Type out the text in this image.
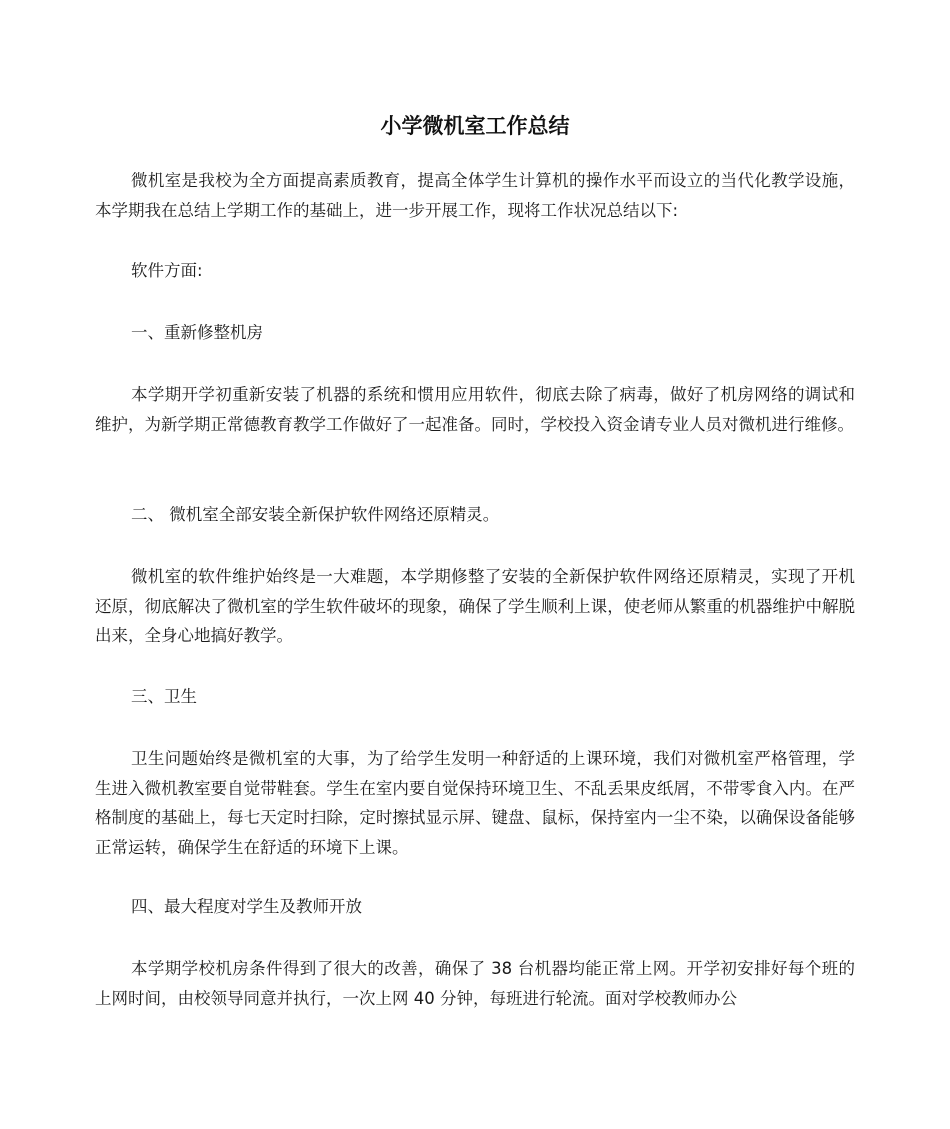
小学微机室工作总结

微机室是我校为全方面提高素质教育，提高全体学生计算机的操作水平而设立的当代化教学设施，本学期我在总结上学期工作的基础上，进一步开展工作，现将工作状况总结以下:

软件方面:

一、重新修整机房

本学期开学初重新安装了机器的系统和惯用应用软件，彻底去除了病毒，做好了机房网络的调试和维护，为新学期正常德教育教学工作做好了一起准备。同时，学校投入资金请专业人员对微机进行维修。

二、 微机室全部安装全新保护软件网络还原精灵。

微机室的软件维护始终是一大难题，本学期修整了安装的全新保护软件网络还原精灵，实现了开机还原，彻底解决了微机室的学生软件破坏的现象，确保了学生顺利上课，使老师从繁重的机器维护中解脱出来，全身心地搞好教学。

三、卫生

卫生问题始终是微机室的大事，为了给学生发明一种舒适的上课环境，我们对微机室严格管理，学生进入微机教室要自觉带鞋套。学生在室内要自觉保持环境卫生、不乱丢果皮纸屑，不带零食入内。在严格制度的基础上，每七天定时扫除，定时擦拭显示屏、键盘、鼠标，保持室内一尘不染，以确保设备能够正常运转，确保学生在舒适的环境下上课。

四、最大程度对学生及教师开放

本学期学校机房条件得到了很大的改善，确保了 38 台机器均能正常上网。开学初安排好每个班的上网时间，由校领导同意并执行，一次上网 40 分钟，每班进行轮流。面对学校教师办公
